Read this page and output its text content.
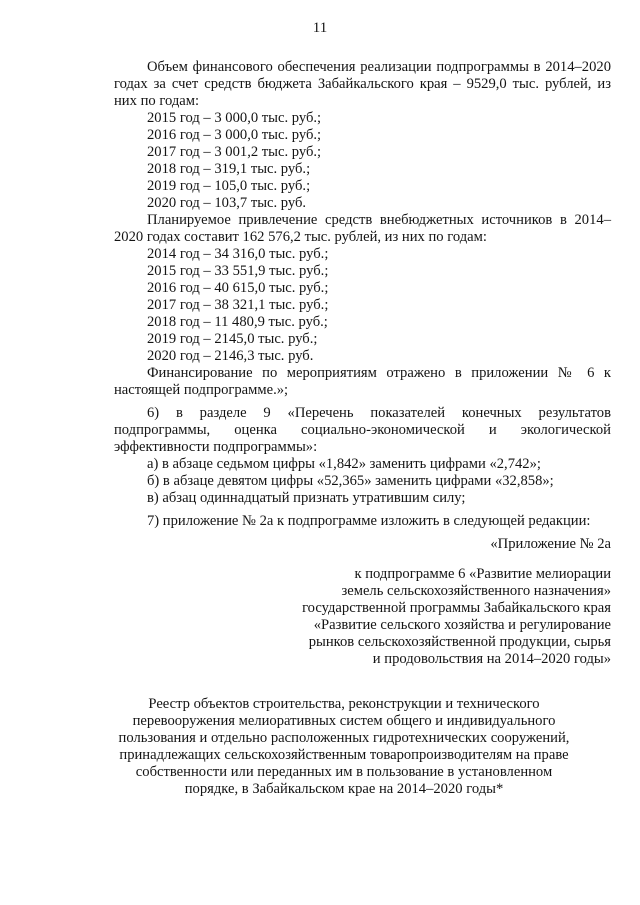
11

Объем финансового обеспечения реализации подпрограммы в 2014–2020 годах за счет средств бюджета Забайкальского края – 9529,0 тыс. рублей, из них по годам:

2015 год – 3 000,0 тыс. руб.;
2016 год – 3 000,0 тыс. руб.;
2017 год – 3 001,2 тыс. руб.;
2018 год – 319,1 тыс. руб.;
2019 год – 105,0 тыс. руб.;
2020 год – 103,7 тыс. руб.

Планируемое привлечение средств внебюджетных источников в 2014–2020 годах составит 162 576,2 тыс. рублей, из них по годам:

2014 год – 34 316,0 тыс. руб.;
2015 год – 33 551,9 тыс. руб.;
2016 год – 40 615,0 тыс. руб.;
2017 год – 38 321,1 тыс. руб.;
2018 год – 11 480,9 тыс. руб.;
2019 год – 2145,0 тыс. руб.;
2020 год – 2146,3 тыс. руб.

Финансирование по мероприятиям отражено в приложении № 6 к настоящей подпрограмме.»;

6) в разделе 9 «Перечень показателей конечных результатов подпрограммы, оценка социально-экономической и экологической эффективности подпрограммы»:

а) в абзаце седьмом цифры «1,842» заменить цифрами «2,742»;
б) в абзаце девятом цифры «52,365» заменить цифрами «32,858»;
в) абзац одиннадцатый признать утратившим силу;

7) приложение № 2а к подпрограмме изложить в следующей редакции:

«Приложение № 2а
к подпрограмме 6 «Развитие мелиорации
земель сельскохозяйственного назначения»
государственной программы Забайкальского края
«Развитие сельского хозяйства и регулирование
рынков сельскохозяйственной продукции, сырья
и продовольствия на 2014–2020 годы»
Реестр объектов строительства, реконструкции и технического
перевооружения мелиоративных систем общего и индивидуального
пользования и отдельно расположенных гидротехнических сооружений,
принадлежащих сельскохозяйственным товаропроизводителям на праве
собственности или переданных им в пользование в установленном
порядке, в Забайкальском крае на 2014–2020 годы*
